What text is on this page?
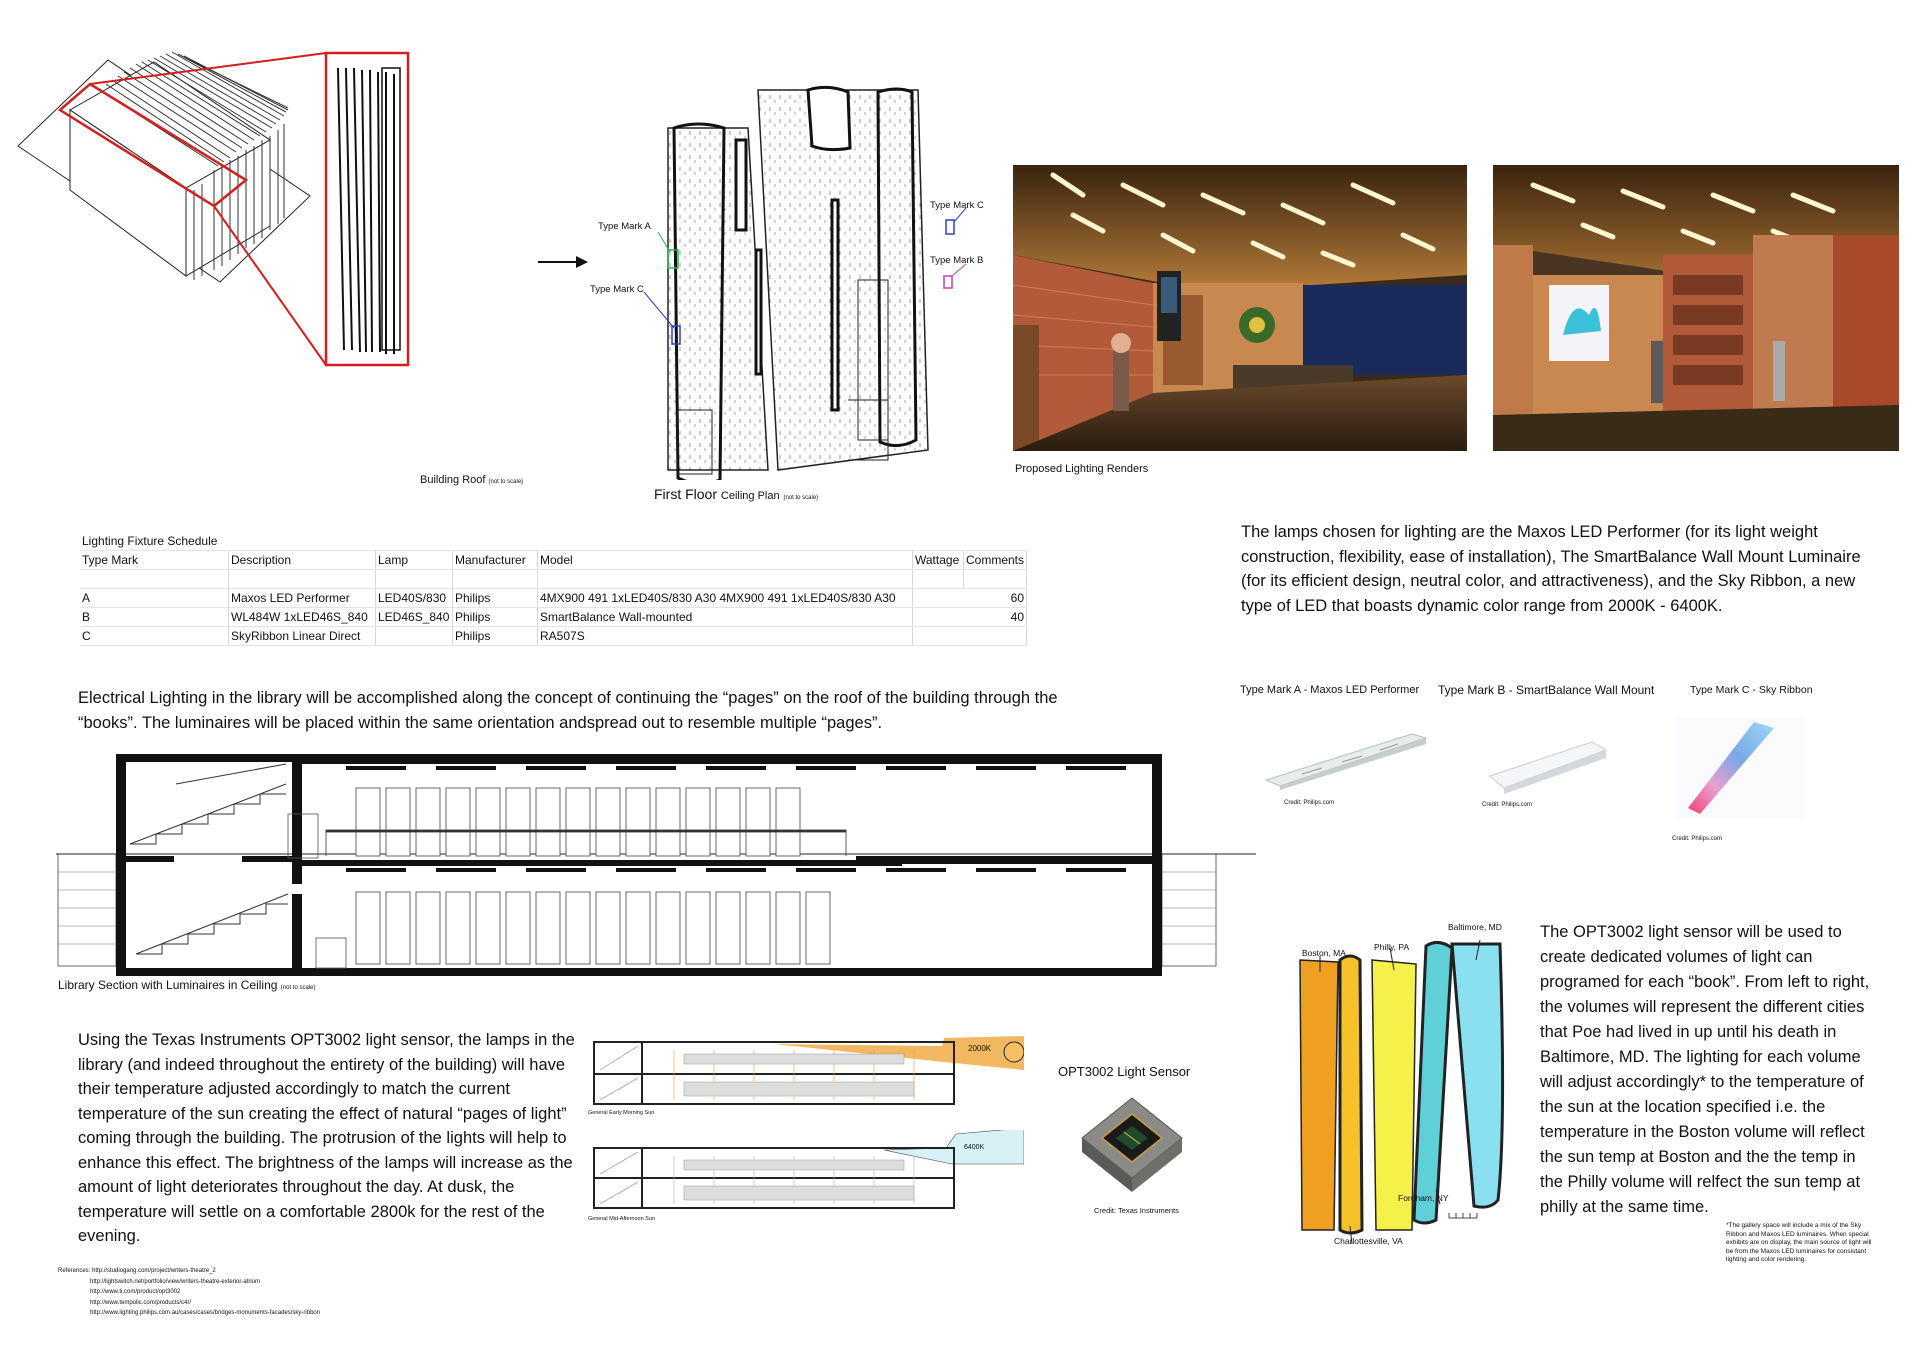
Building Roof (not to scale)
Type Mark A
Type Mark C
Type Mark C
Type Mark B
First Floor Ceiling Plan (not to scale)
Proposed Lighting Renders
Lighting Fixture Schedule						
Type Mark	Description	Lamp	Manufacturer	Model	Wattage	Comments

A	Maxos LED Performer	LED40S/830	Philips	4MX900 491 1xLED40S/830 A30 4MX900 491 1xLED40S/830 A30	60	
B	WL484W 1xLED46S_840	LED46S_840	Philips	SmartBalance Wall-mounted	40	
C	SkyRibbon Linear Direct		Philips	RA507S		
The lamps chosen for lighting are the Maxos LED Performer (for its light weight construction, flexibility, ease of installation), The SmartBalance Wall Mount Luminaire (for its efficient design, neutral color, and attractiveness), and the Sky Ribbon, a new type of LED that boasts dynamic color range from 2000K - 6400K.
Electrical Lighting in the library will be accomplished along the concept of continuing the “pages” on the roof of the building through the “books”. The luminaires will be placed within the same orientation andspread out to resemble multiple “pages”.
Type Mark A - Maxos LED Performer Type Mark B - SmartBalance Wall Mount	Type Mark C - Sky Ribbon
Credit: Philips.com	Credit: Philips.com
Credit: Philips.com
Library Section with Luminaires in Ceiling (not to scale)
Using the Texas Instruments OPT3002 light sensor, the lamps in the library (and indeed throughout the entirety of the building) will have their temperature adjusted accordingly to match the current temperature of the sun creating the effect of natural “pages of light” coming through the building. The protrusion of the lights will help to enhance this effect. The brightness of the lamps will increase as the amount of light deteriorates throughout the day. At dusk, the temperature will settle on a comfortable 2800k for the rest of the evening.
2000K
General Early Morning Sun
6400K
General Mid-Afternoon Sun
OPT3002 Light Sensor
Credit: Texas Instruments
Boston, MA
Philly, PA
Baltimore, MD
Fordham, NY
Charlottesville, VA
The OPT3002 light sensor will be used to create dedicated volumes of light can programed for each “book”. From left to right, the volumes will represent the different cities that Poe had lived in up until his death in Baltimore, MD. The lighting for each volume will adjust accordingly* to the temperature of the sun at the location specified i.e. the temperature in the Boston volume will reflect the sun temp at Boston and the the temp in the Philly volume will relfect the sun temp at philly at the same time.
*The gallery space will include a mix of the Sky Ribbon and Maxos LED luminaires. When special exhibits are on display, the main source of light will be from the Maxos LED luminaires for consistant lighting and color rendering.
References: http://studiogang.com/project/writers-theatre_2
http://lightswitch.net/portfolio/view/writers-theatre-exterior-atrium
http://www.ti.com/product/opt3002
http://www.tempolic.com/products/c4r/
http://www.lighting.philips.com.au/cases/cases/bridges-monuments-facades/sky-ribbon
